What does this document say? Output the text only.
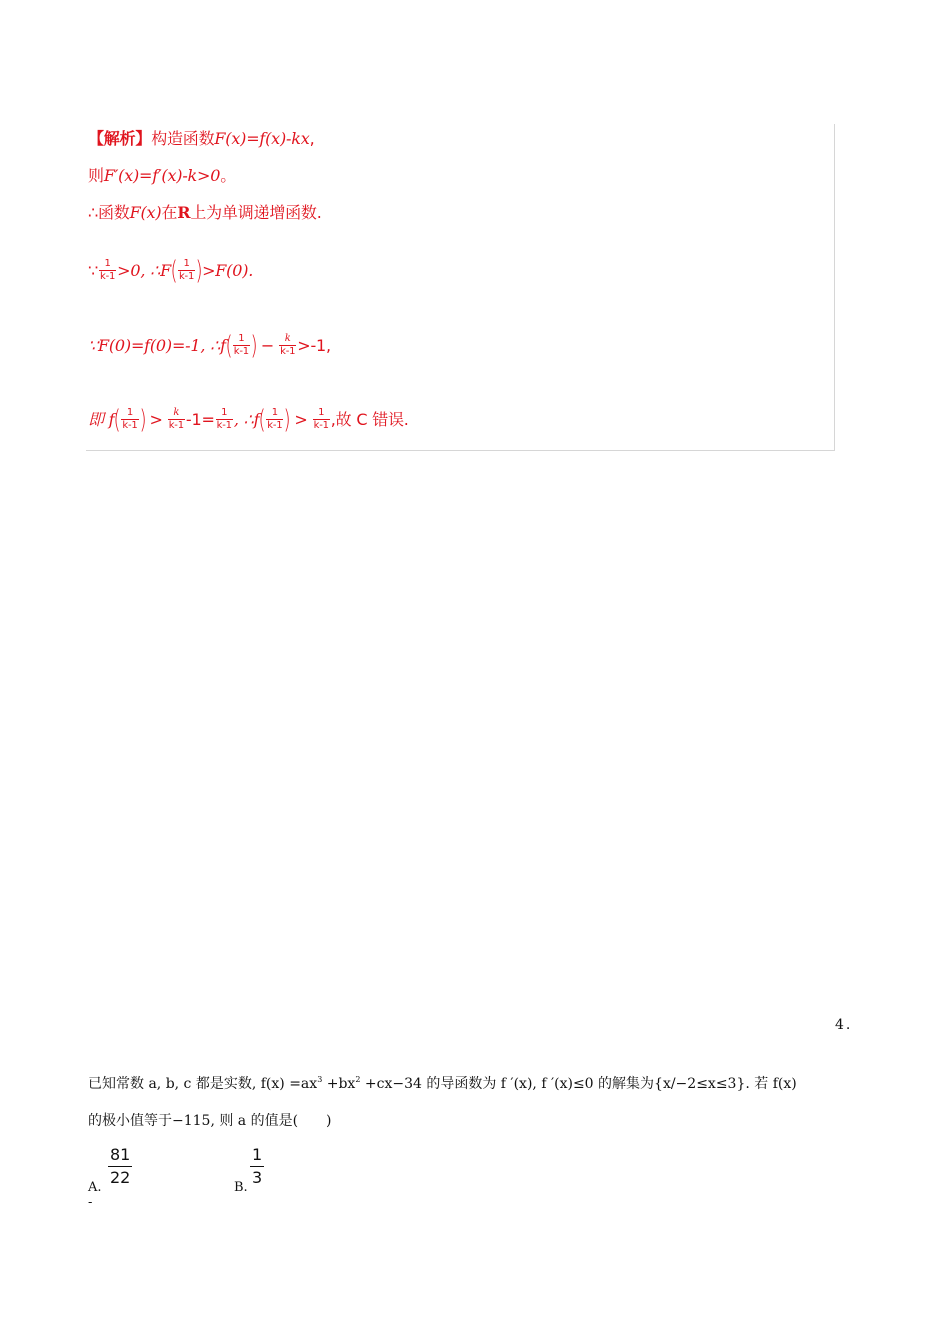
【解析】 构造函数 F(x)=f(x)-kx ,
则 F′(x)=f′(x)-k>0 。
∴函数 F(x) 在 R 上为单调递增函数.
∵ $\frac{1}{k-1} >0$, ∴F ( $\frac{1}{k-1}$ ) >F(0).
∵F(0)=f(0)=-1, ∴f ( $\frac{1}{k-1}$ ) − $\frac{k}{k-1} >-1$,
即 f ( $\frac{1}{k-1}$ ) > $\frac{k}{k-1} -1= \frac{1}{k-1}$ , ∴f ( $\frac{1}{k-1}$ ) > $\frac{1}{k-1}$ ,故 C 错误.
4.
已知常数 a, b, c 都是实数, $f(x) =ax^3 +bx^2 +cx-34$ 的导函数为 f ′(x), f ′(x)≤0 的解集为{x/−2≤x≤3}. 若 f(x)
的极小值等于−115, 则 a 的值是(　　)
A. -
$\frac{81}{22}$	B. $\frac{1}{3}$
